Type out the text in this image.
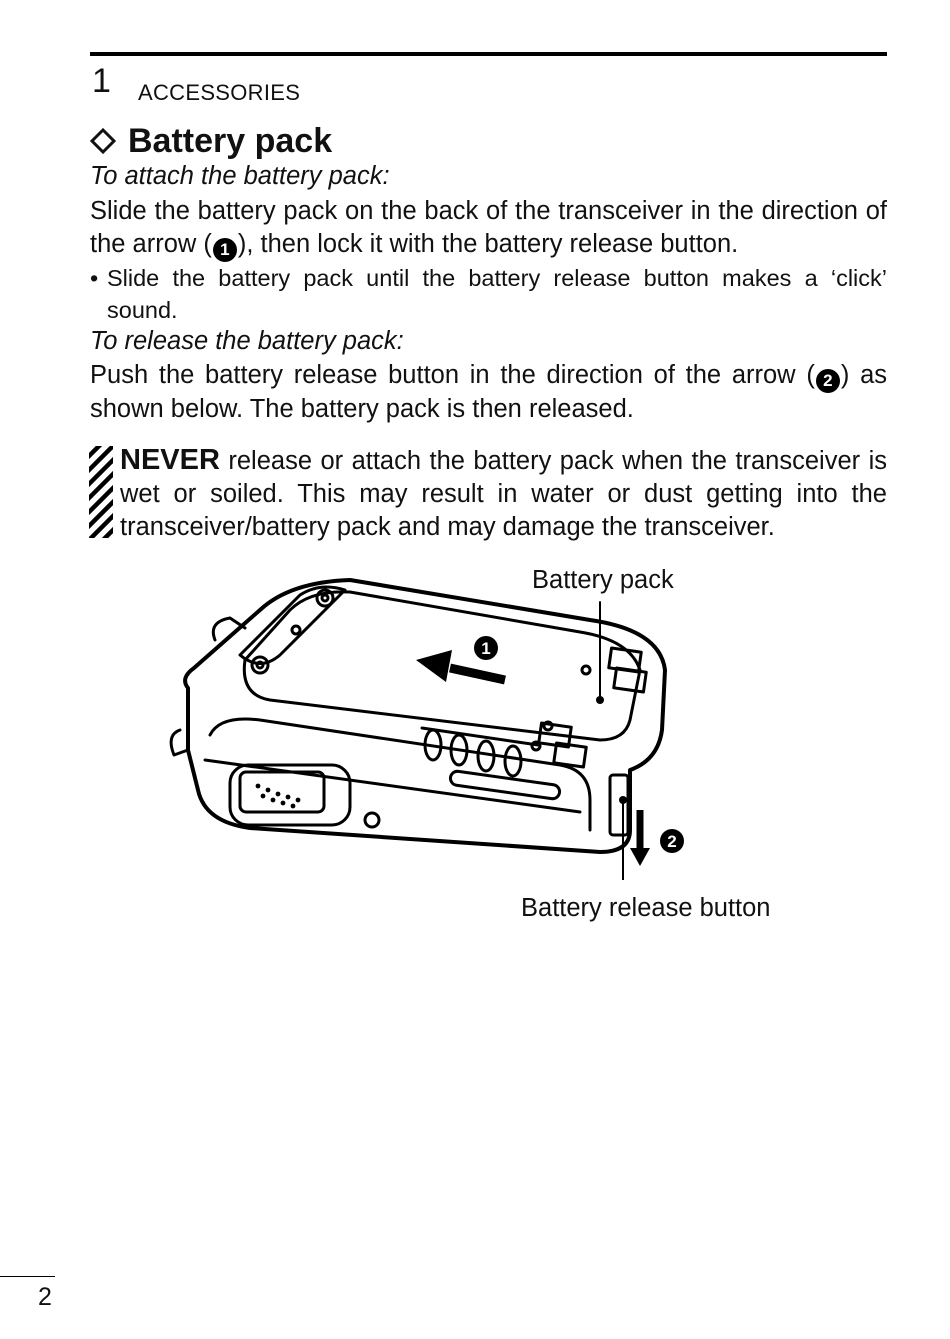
1 ACCESSORIES
Battery pack
To attach the battery pack:
Slide the battery pack on the back of the transceiver in the direction of the arrow ( 1 ), then lock it with the battery release button.
• Slide the battery pack until the battery release button makes a ‘click’ sound.
To release the battery pack:
Push the battery release button in the direction of the arrow ( 2 ) as shown below. The battery pack is then released.
NEVER release or attach the battery pack when the transceiver is wet or soiled. This may result in water or dust getting into the transceiver/battery pack and may damage the transceiver.
1
2
Battery pack
Battery release button
2
